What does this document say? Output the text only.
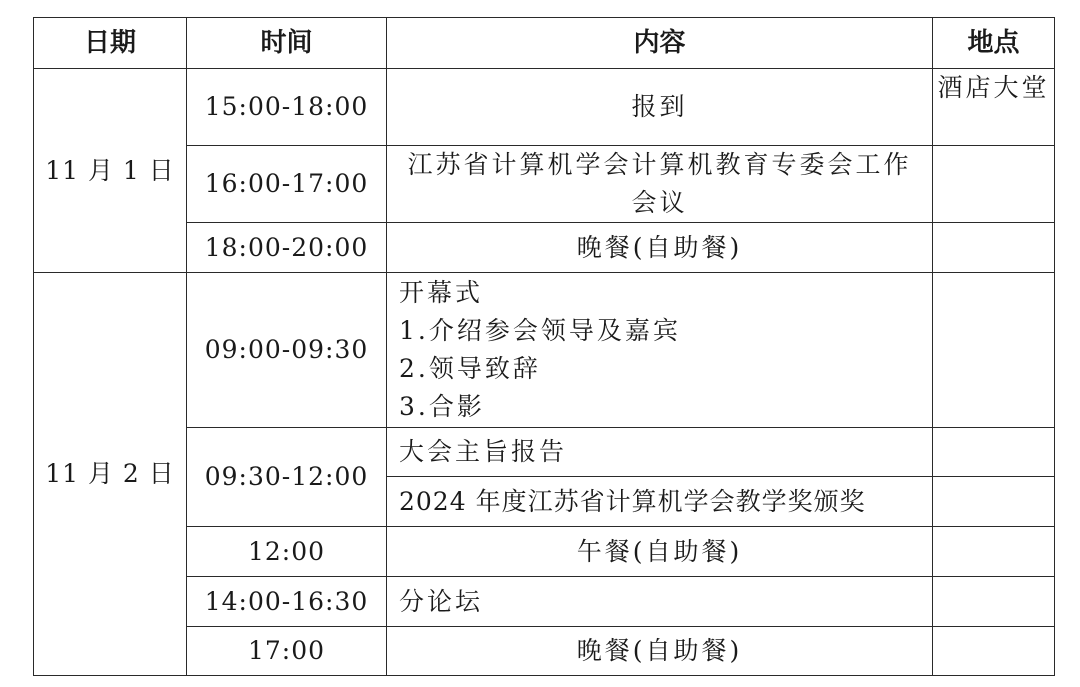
日期	时间	内容	地点
11 月 1 日	15:00-18:00	报到	酒店大堂
	16:00-17:00	江苏省计算机学会计算机教育专委会工作会议	
	18:00-20:00	晚餐(自助餐)	
11 月 2 日	09:00-09:30	开幕式
1.介绍参会领导及嘉宾
2.领导致辞
3.合影	

	09:30-12:00	大会主旨报告	
		2024 年度江苏省计算机学会教学奖颁奖	
	12:00	午餐(自助餐)	
	14:00-16:30	分论坛	
	17:00	晚餐(自助餐)	
